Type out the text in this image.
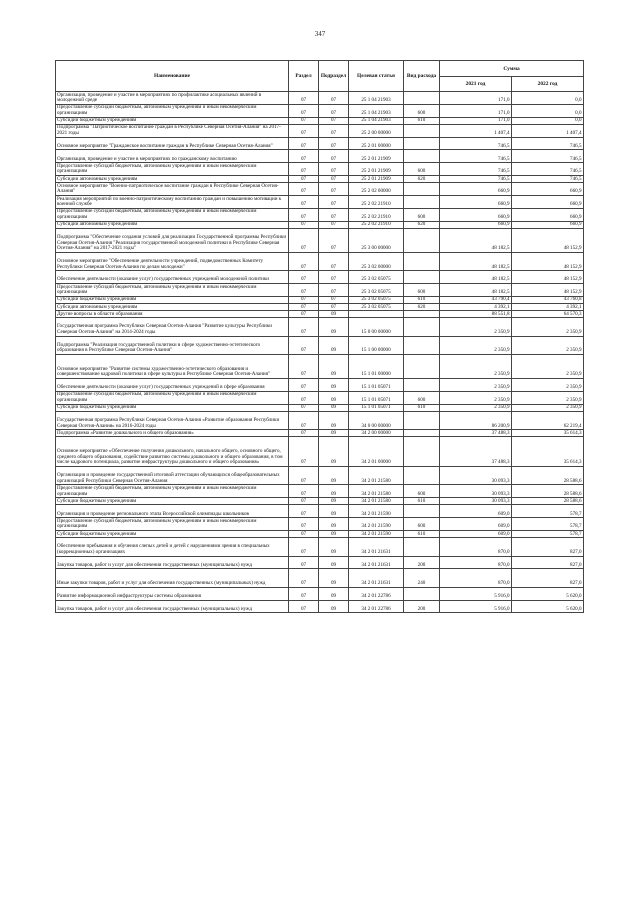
347
Наименование	Раздел	Подраздел	Целевая статья	Вид расхода	Сумма	
					2021 год	2022 год
Организация, проведение и участие в мероприятиях по профилактике асоциальных явлений в молодежной среде	07	07	25 1 04 21903		171,0	0,0
Предоставление субсидий бюджетным, автономным учреждениям и иным некоммерческим организациям	07	07	25 1 04 21903	600	171,0	0,0
Субсидии бюджетным учреждениям	07	07	25 1 04 21903	610	171,0	0,0
Подпрограмма "Патриотическое воспитание граждан в Республике Северная Осетия-Алания" на 2017-2021 годы	07	07	25 2 00 00000		1 407,4	1 407,4
Основное мероприятие "Гражданское воспитание граждан в Республике Северная Осетия-Алания"	07	07	25 2 01 00000		746,5	746,5
Организация, проведение и участие в мероприятиях по гражданскому воспитанию	07	07	25 2 01 21909		746,5	746,5
Предоставление субсидий бюджетным, автономным учреждениям и иным некоммерческим организациям	07	07	25 2 01 21909	600	746,5	746,5
Субсидии автономным учреждениям	07	07	25 2 01 21909	620	746,5	746,5
Основное мероприятие "Военно-патриотическое воспитание граждан в Республике Северная Осетия-Алания"	07	07	25 2 02 00000		660,9	660,9
Реализация мероприятий по военно-патриотическому воспитанию граждан и повышению мотивации к военной службе	07	07	25 2 02 21910		660,9	660,9
Предоставление субсидий бюджетным, автономным учреждениям и иным некоммерческим организациям	07	07	25 2 02 21910	600	660,9	660,9
Субсидии автономным учреждениям	07	07	25 2 02 21910	620	660,9	660,9
Подпрограмма "Обеспечение создания условий для реализации Государственной программы Республики Северная Осетия-Алания "Реализация государственной молодежной политики в Республике Северная Осетия-Алания" на 2017-2021 годы"	07	07	25 3 00 00000		48 182,5	48 152,9
Основное мероприятие "Обеспечение деятельности учреждений, подведомственных Комитету Республики Северная Осетия-Алания по делам молодежи"	07	07	25 3 02 00000		48 182,5	48 152,9
Обеспечение деятельности (оказание услуг) государственных учреждений молодежной политики	07	07	25 3 02 05075		48 182,5	48 152,9
Предоставление субсидий бюджетным, автономным учреждениям и иным некоммерческим организациям	07	07	25 3 02 05075	600	48 182,5	48 152,9
Субсидии бюджетным учреждениям	07	07	25 3 02 05075	610	43 790,4	43 760,8
Субсидии автономным учреждениям	07	07	25 3 02 05075	620	4 392,1	4 392,1
Другие вопросы в области образования	07	09			88 551,8	64 570,3
Государственная программа Республики Северная Осетия-Алания "Развитие культуры Республики Северная Осетия-Алания" на 2014-2024 годы	07	09	15 0 00 00000		2 350,9	2 350,9
Подпрограмма "Реализация государственной политики в сфере художественно-эстетического образования в Республике Северная Осетия-Алания"	07	09	15 1 00 00000		2 350,9	2 350,9
Основное мероприятие "Развитие системы художественно-эстетического образования и совершенствование кадровой политики в сфере культуры в Республике Северная Осетия-Алания"	07	09	15 1 01 00000		2 350,9	2 350,9
Обеспечение деятельности (оказание услуг) государственных учреждений в сфере образования	07	09	15 1 01 05071		2 350,9	2 350,9
Предоставление субсидий бюджетным, автономным учреждениям и иным некоммерческим организациям	07	09	15 1 01 05071	600	2 350,9	2 350,9
Субсидии бюджетным учреждениям	07	09	15 1 01 05071	610	2 350,9	2 350,9
Государственная программа Республики Северная Осетия-Алания «Развитие образования Республики Северная Осетия-Алания» на 2016-2024 годы	07	09	34 0 00 00000		86 200,9	62 219,4
Подпрограмма «Развитие дошкольного и общего образования»	07	09	34 2 00 00000		37 488,3	35 614,3
Основное мероприятие «Обеспечение получения дошкольного, начального общего, основного общего, среднего общего образования, содействие развитию системы дошкольного и общего образования, в том числе кадрового потенциала, развитие инфраструктуры дошкольного и общего образования»	07	09	34 2 01 00000		37 488,3	35 614,3
Организация и проведение государственной итоговой аттестации обучающихся общеобразовательных организаций Республики Северная Осетия-Алания	07	09	34 2 01 21580		30 093,3	28 588,6
Предоставление субсидий бюджетным, автономным учреждениям и иным некоммерческим организациям	07	09	34 2 01 21580	600	30 093,3	28 588,6
Субсидии бюджетным учреждениям	07	09	34 2 01 21580	610	30 093,3	28 588,6
Организация и проведение регионального этапа Всероссийской олимпиады школьников	07	09	34 2 01 21590		609,0	578,7
Предоставление субсидий бюджетным, автономным учреждениям и иным некоммерческим организациям	07	09	34 2 01 21590	600	609,0	578,7
Субсидии бюджетным учреждениям	07	09	34 2 01 21590	610	609,0	578,7
Обеспечение пребывания и обучения слепых детей и детей с нарушениями зрения в специальных (коррекционных) организациях	07	09	34 2 01 21631		870,0	827,0
Закупка товаров, работ и услуг для обеспечения государственных (муниципальных) нужд	07	09	34 2 01 21631	200	870,0	827,0
Иные закупки товаров, работ и услуг для обеспечения государственных (муниципальных) нужд	07	09	34 2 01 21631	240	870,0	827,0
Развитие информационной инфраструктуры системы образования	07	09	34 2 01 22786		5 916,0	5 620,0
Закупка товаров, работ и услуг для обеспечения государственных (муниципальных) нужд	07	09	34 2 01 22786	200	5 916,0	5 620,0
